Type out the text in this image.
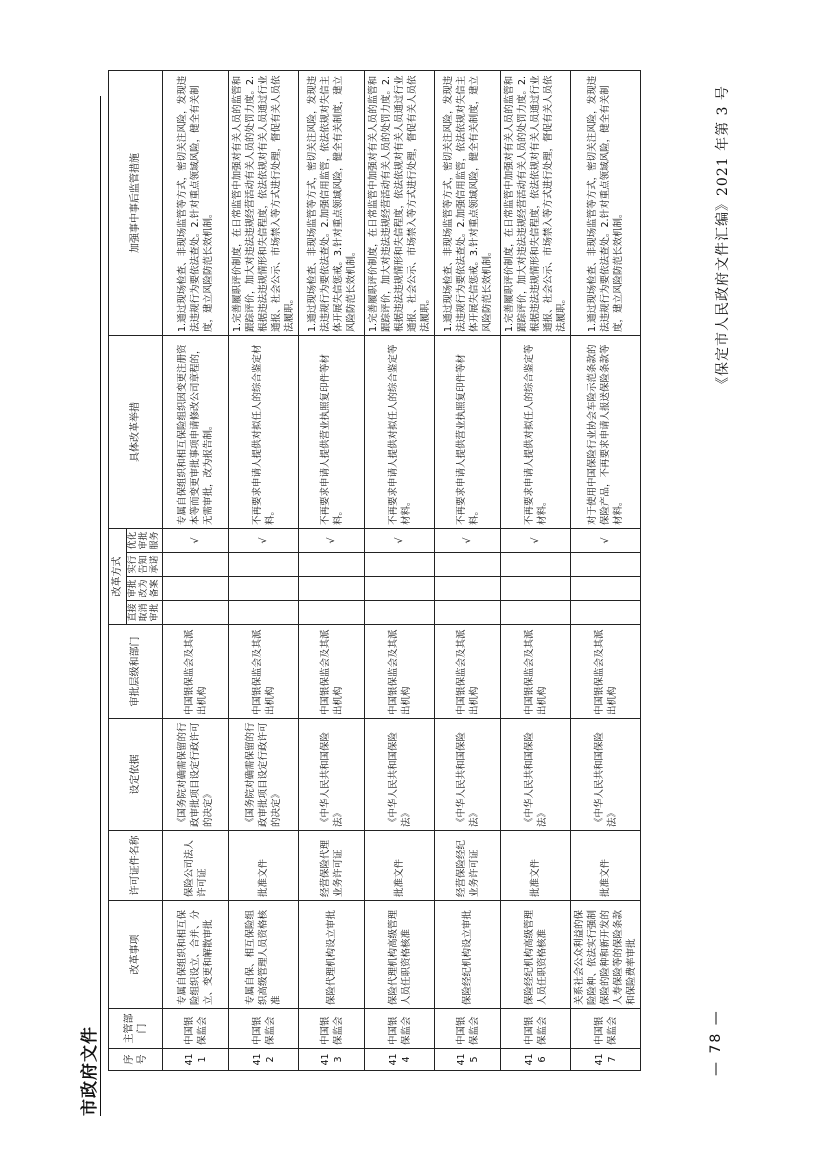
市政府文件 序号	主管部门	改革事项	许可证件名称	设定依据	审批层级和部门	改革方式				具体改革举措	加强事中事后监管措施
						直接取消审批	审批改为备案	实行告知承诺	优化审批服务		
411	中国银保监会	专属自保组织和相互保险组织设立、合并、分立、变更和解散审批	保险公司法人许可证	《国务院对确需保留的行政审批项目设定行政许可的决定》	中国银保监会及其派出机构				√	专属自保组织和相互保险组织因变更注册资本等而变更审批事项申请修改公司章程的，无需审批，改为报告制。	1.通过现场检查、非现场监管等方式，密切关注风险，发现违法违规行为要依法查处。2.针对重点领域风险，健全有关制度，建立风险防范长效机制。
412	中国银保监会	专属自保、相互保险组织高级管理人员资格核准	批准文件	《国务院对确需保留的行政审批项目设定行政许可的决定》	中国银保监会及其派出机构				√	不再要求申请人提供对拟任人的综合鉴定材料。	1.完善履职评价制度，在日常监管中加强对有关人员的监管和跟踪评价，加大对违法违规经营活动有关人员的处罚力度。2.根据违法违规情形和失信程度，依法依规对有关人员通过行业通报、社会公示、市场禁入等方式进行处理，督促有关人员依法履职。
413	中国银保监会	保险代理机构设立审批	经营保险代理业务许可证	《中华人民共和国保险法》	中国银保监会及其派出机构				√	不再要求申请人提供营业执照复印件等材料。	1.通过现场检查、非现场监管等方式，密切关注风险，发现违法违规行为要依法查处。2.加强信用监管，依法依规对失信主体开展失信惩戒。3.针对重点领域风险，健全有关制度，建立风险防范长效机制。
414	中国银保监会	保险代理机构高级管理人员任职资格核准	批准文件	《中华人民共和国保险法》	中国银保监会及其派出机构				√	不再要求申请人提供对拟任人的综合鉴定等材料。	1.完善履职评价制度，在日常监管中加强对有关人员的监管和跟踪评价，加大对违法违规经营活动有关人员的处罚力度。2.根据违法违规情形和失信程度，依法依规对有关人员通过行业通报、社会公示、市场禁入等方式进行处理，督促有关人员依法履职。
415	中国银保监会	保险经纪机构设立审批	经营保险经纪业务许可证	《中华人民共和国保险法》	中国银保监会及其派出机构				√	不再要求申请人提供营业执照复印件等材料。	1.通过现场检查、非现场监管等方式，密切关注风险，发现违法违规行为要依法查处。2.加强信用监管，依法依规对失信主体开展失信惩戒。3.针对重点领域风险，健全有关制度，建立风险防范长效机制。
416	中国银保监会	保险经纪机构高级管理人员任职资格核准	批准文件	《中华人民共和国保险法》	中国银保监会及其派出机构				√	不再要求申请人提供对拟任人的综合鉴定等材料。	1.完善履职评价制度，在日常监管中加强对有关人员的监管和跟踪评价，加大对违法违规经营活动有关人员的处罚力度。2.根据违法违规情形和失信程度，依法依规对有关人员通过行业通报、社会公示、市场禁入等方式进行处理，督促有关人员依法履职。
417	中国银保监会	关系社会公众利益的保险险种、依法实行强制保险的险种和新开发的人寿保险等的保险条款和保险费率审批	批准文件	《中华人民共和国保险法》	中国银保监会及其派出机构				√	对于使用中国保险行业协会车险示范条款的保险产品，不再要求申请人报送保险条款等材料。	1.通过现场检查、非现场监管等方式，密切关注风险，发现违法违规行为要依法查处。2.针对重点领域风险，健全有关制度，建立风险防范长效机制。
— 78 —
《保定市人民政府文件汇编》2021 年第 3 号
